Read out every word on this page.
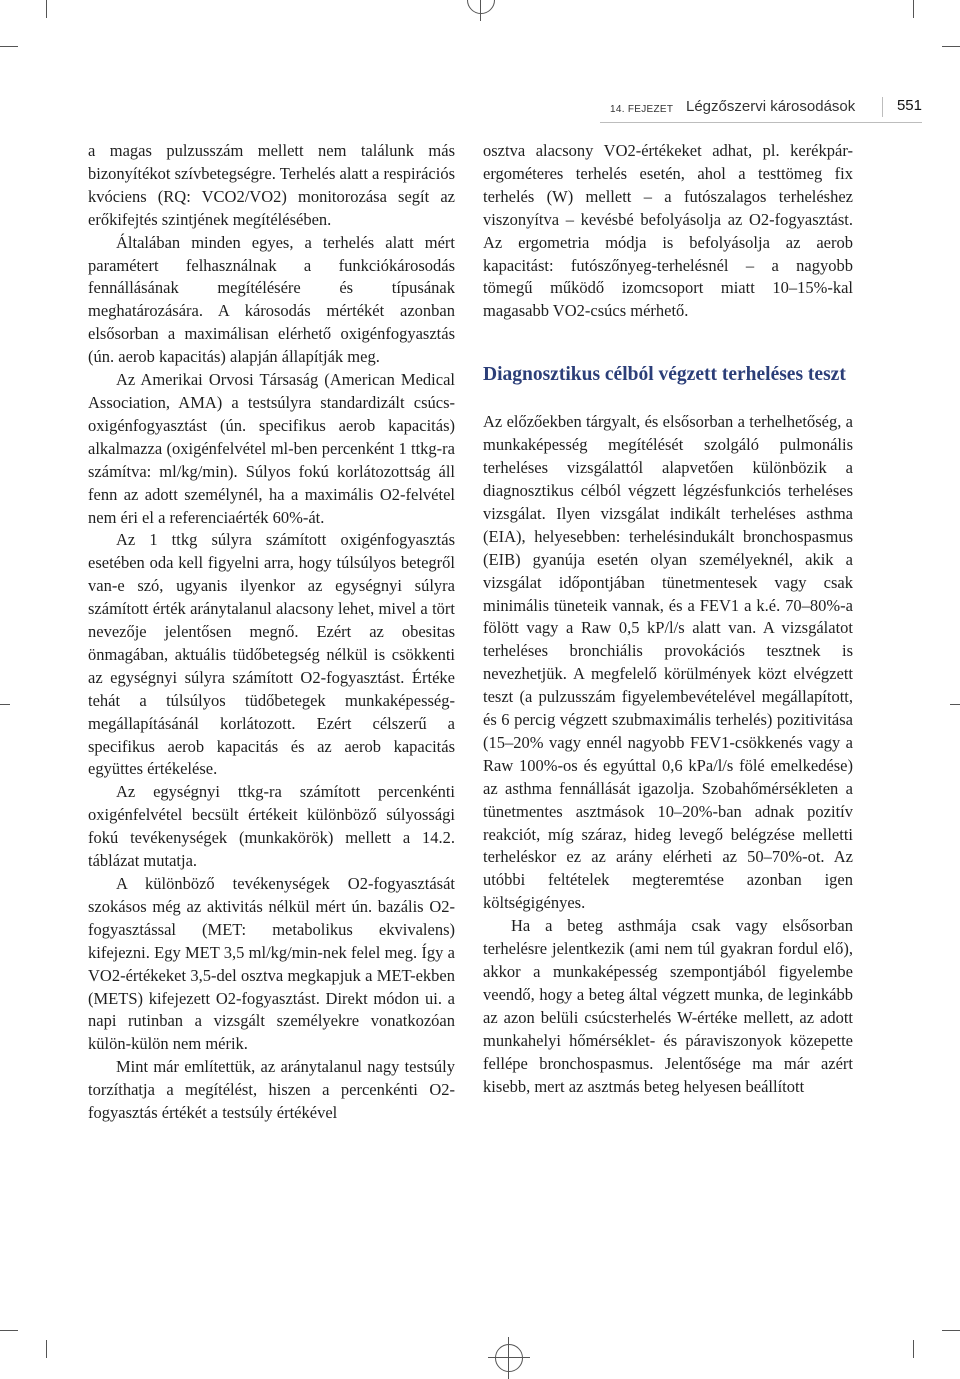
14. FEJEZET Légzőszervi károsodások	551

a magas pulzusszám mellett nem találunk más bizonyítékot szívbetegségre. Terhelés alatt a respirációs kvóciens (RQ: VCO2/VO2) monitorozása segít az erőkifejtés szintjének megítélésében.

Általában minden egyes, a terhelés alatt mért paramétert felhasználnak a funkciókárosodás fennállásának megítélésére és típusának meghatározására. A károsodás mértékét azonban elsősorban a maximálisan elérhető oxigénfogyasztás (ún. aerob kapacitás) alapján állapítják meg.

Az Amerikai Orvosi Társaság (American Medical Association, AMA) a testsúlyra standardizált csúcs-oxigénfogyasztást (ún. specifikus aerob kapacitás) alkalmazza (oxigénfelvétel ml-ben percenként 1 ttkg-ra számítva: ml/kg/min). Súlyos fokú korlátozottság áll fenn az adott személynél, ha a maximális O2-felvétel nem éri el a referenciaérték 60%-át.

Az 1 ttkg súlyra számított oxigénfogyasztás esetében oda kell figyelni arra, hogy túlsúlyos betegről van-e szó, ugyanis ilyenkor az egységnyi súlyra számított érték aránytalanul alacsony lehet, mivel a tört nevezője jelentősen megnő. Ezért az obesitas önmagában, aktuális tüdőbetegség nélkül is csökkenti az egységnyi súlyra számított O2-fogyasztást. Értéke tehát a túlsúlyos tüdőbetegek munkaképesség-megállapításánál korlátozott. Ezért célszerű a specifikus aerob kapacitás és az aerob kapacitás együttes értékelése.

Az egységnyi ttkg-ra számított percenkénti oxigénfelvétel becsült értékeit különböző súlyossági fokú tevékenységek (munkakörök) mellett a 14.2. táblázat mutatja.

A különböző tevékenységek O2-fogyasztását szokásos még az aktivitás nélkül mért ún. bazális O2-fogyasztással (MET: metabolikus ekvivalens) kifejezni. Egy MET 3,5 ml/kg/min-nek felel meg. Így a VO2-értékeket 3,5-del osztva megkapjuk a MET-ekben (METS) kifejezett O2-fogyasztást. Direkt módon ui. a napi rutinban a vizsgált személyekre vonatkozóan külön-külön nem mérik.

Mint már említettük, az aránytalanul nagy testsúly torzíthatja a megítélést, hiszen a percenkénti O2-fogyasztás értékét a testsúly értékével

osztva alacsony VO2-értékeket adhat, pl. kerékpár-ergométeres terhelés esetén, ahol a testtömeg fix terhelés (W) mellett – a futószalagos terheléshez viszonyítva – kevésbé befolyásolja az O2-fogyasztást. Az ergometria módja is befolyásolja az aerob kapacitást: futószőnyeg-terhelésnél – a nagyobb tömegű működő izomcsoport miatt 10–15%-kal magasabb VO2-csúcs mérhető.

Diagnosztikus célból végzett terheléses teszt

Az előzőekben tárgyalt, és elsősorban a terhelhetőség, a munkaképesség megítélését szolgáló pulmonális terheléses vizsgálattól alapvetően különbözik a diagnosztikus célból végzett légzésfunkciós terheléses vizsgálat. Ilyen vizsgálat indikált terheléses asthma (EIA), helyesebben: terhelésindukált bronchospasmus (EIB) gyanúja esetén olyan személyeknél, akik a vizsgálat időpontjában tünetmentesek vagy csak minimális tüneteik vannak, és a FEV1 a k.é. 70–80%-a fölött vagy a Raw 0,5 kP/l/s alatt van. A vizsgálatot terheléses bronchiális provokációs tesztnek is nevezhetjük. A megfelelő körülmények közt elvégzett teszt (a pulzusszám figyelembevételével megállapított, és 6 percig végzett szubmaximális terhelés) pozitivitása (15–20% vagy ennél nagyobb FEV1-csökkenés vagy a Raw 100%-os és egyúttal 0,6 kPa/l/s fölé emelkedése) az asthma fennállását igazolja. Szobahőmérsékleten a tünetmentes asztmások 10–20%-ban adnak pozitív reakciót, míg száraz, hideg levegő belégzése melletti terheléskor ez az arány elérheti az 50–70%-ot. Az utóbbi feltételek megteremtése azonban igen költségigényes.

Ha a beteg asthmája csak vagy elsősorban terhelésre jelentkezik (ami nem túl gyakran fordul elő), akkor a munkaképesség szempontjából figyelembe veendő, hogy a beteg által végzett munka, de leginkább az azon belüli csúcsterhelés W-értéke mellett, az adott munkahelyi hőmérséklet- és páraviszonyok közepette fellépe bronchospasmus. Jelentősége ma már azért kisebb, mert az asztmás beteg helyesen beállított
